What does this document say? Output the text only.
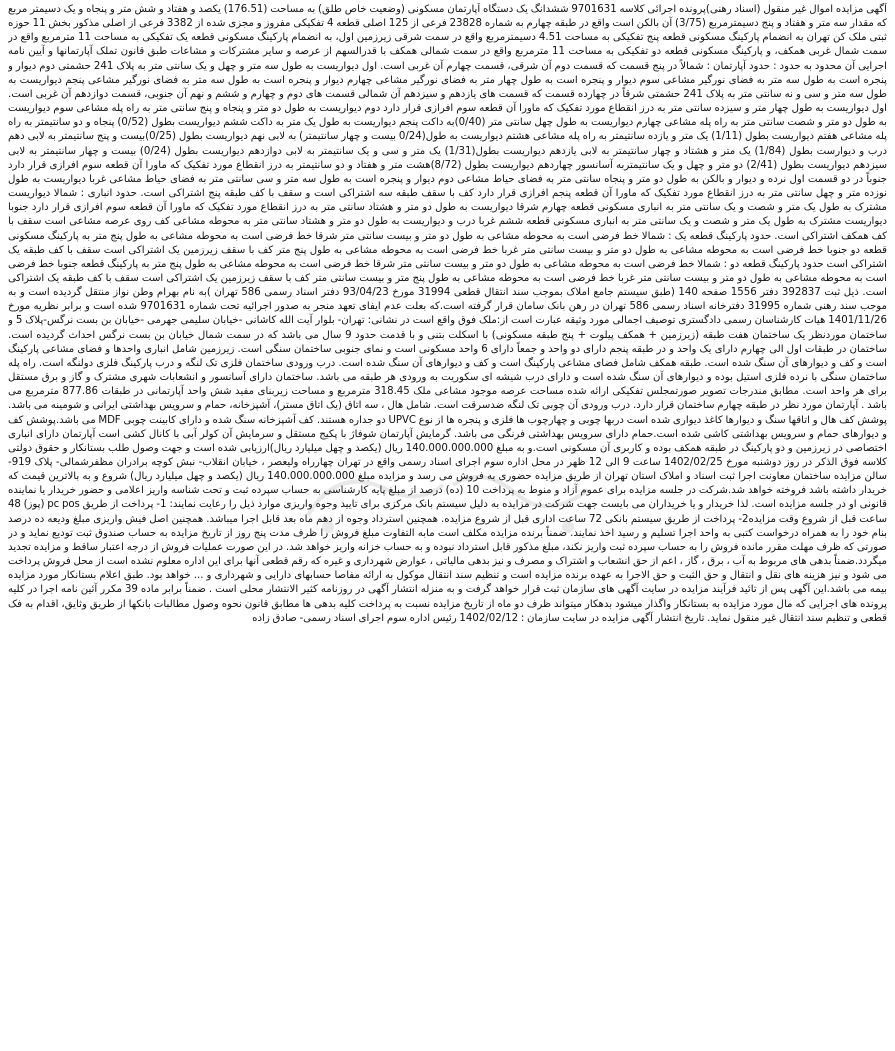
آگهی مزایده اموال غیر منقول (اسناد رهنی)پرونده اجرائی کلاسه 9701631 ششدانگ یک دستگاه آپارتمان مسکونی (وضعیت خاص طلق) به مساحت (176.51) یکصد و هفتاد و شش متر و پنجاه و یک دسیمتر مربع که مقدار سه متر و هفتاد و پنج دسیمترمربع (3/75) آن بالکن است واقع در طبقه چهارم به شماره 23828 فرعی از 125 اصلی قطعه 4 تفکیکی مفروز و مجزی شده از 3382 فرعی از اصلی مذکور بخش 11 حوزه ثبتی ملک کن تهران به انضمام پارکینگ مسکونی قطعه پنج تفکیکی به مساحت 4.51 دسیمترمربع واقع در سمت شرقی زیرزمین اول، به انضمام پارکینگ مسکونی قطعه یک تفکیکی به مساحت 11 مترمربع واقع در سمت شمال غربی همکف، و پارکینگ مسکونی قطعه دو تفکیکی به مساحت 11 مترمربع واقع در سمت شمالی همکف با قدرالسهم از عرصه و سایر مشترکات و مشاعات طبق قانون تملک آپارتمانها و آیین نامه اجرایی آن محدود به حدود : حدود آپارتمان : شمالاً در پنج قسمت که قسمت دوم آن شرقی، قسمت چهارم آن غربی است. اول دیواریست به طول سه متر و چهل و یک سانتی متر به پلاک 241 حشمتی دوم دیوار و پنجره است به طول سه متر به فضای نورگیر مشاعی سوم دیوار و پنجره است به طول چهار متر به فضای نورگیر مشاعی چهارم دیوار و پنجره است به طول سه متر به فضای نورگیر مشاعی پنجم دیواریست به طول سه متر و سی و نه سانتی متر به پلاک 241 حشمتی شرقاً در چهارده قسمت که قسمت های یازدهم و سیزدهم آن شمالی قسمت های دوم و چهارم و ششم و نهم آن جنوبی، قسمت دوازدهم آن غربی است. اول دیواریست به طول چهار متر و سیزده سانتی متر به درز انقطاع مورد تفکیک که ماورا آن قطعه سوم افرازی قرار دارد دوم دیواریست به طول دو متر و پنجاه و پنج سانتی متر به راه پله مشاعی سوم دیواریست به طول دو متر و شصت سانتی متر به راه پله مشاعی چهارم دیواریست به طول چهل سانتی متر (0/40)به داکت پنجم دیواریست به طول یک متر به داکت ششم دیواریست بطول (0/52) پنجاه و دو سانتیمتر به راه پله مشاعی هفتم دیواریست بطول (1/11) یک متر و یازده سانتیمتر به راه پله مشاعی هشتم دیواریست به طول(0/24 بیست و چهار سانتیمتر) به لابی نهم دیواریست بطول (0/25)بیست و پنج سانتیمتر به لابی دهم درب و دیوارست بطول (1/84) یک متر و هشتاد و چهار سانتیمتر به لابی یازدهم دیواریست بطول(1/31) یک متر و سی و یک سانتیمتر به لابی دوازدهم دیواریست بطول (0/24) بیست و چهار سانتیمتر به لابی سیزدهم دیواریست بطول (2/41) دو متر و چهل و یک سانتیمتربه آسانسور چهاردهم دیواریست بطول (8/72)هشت متر و هفتاد و دو سانتیمتر به درز انقطاع مورد تفکیک که ماورا آن قطعه سوم افرازی قرار دارد جنوباً در دو قسمت اول نرده و دیوار و بالکن به طول دو متر و پنجاه سانتی متر به فضای حیاط مشاعی دوم دیوار و پنجره است به طول سه متر و سی سانتی متر به فضای حیاط مشاعی غربا دیواریست به طول نوزده متر و چهل سانتی متر به درز انقطاع مورد تفکیک که ماورا آن قطعه پنجم افرازی قرار دارد کف با سقف طبقه سه اشتراکی است و سقف با کف طبقه پنج اشتراکی است. حدود انباری : شمالا دیواریست مشترک به طول یک متر و شصت و یک سانتی متر به انباری مسکونی قطعه چهارم شرقا دیواریست به طول دو متر و هشتاد سانتی متر به درز انقطاع مورد تفکیک که ماورا آن قطعه سوم افرازی قرار دارد جنوبا دیواریست مشترک به طول یک متر و شصت و یک سانتی متر به انباری مسکونی قطعه ششم غربا درب و دیواریست به طول دو متر و هشتاد سانتی متر به محوطه مشاعی کف روی عرصه مشاعی است سقف با کف همکف اشتراکی است. حدود پارکینگ قطعه یک : شمالا خط فرضی است به محوطه مشاعی به طول دو متر و بیست سانتی متر شرقا خط فرضی است به محوطه مشاعی به طول پنج متر به پارکینگ مسکونی قطعه دو جنوبا خط فرضی است به محوطه مشاعی به طول دو متر و بیست سانتی متر غربا خط فرضی است به محوطه مشاعی به طول پنج متر کف با سقف زیرزمین یک اشتراکی است سقف با کف طبقه یک اشتراکی است حدود پارکینگ قطعه دو : شمالا خط فرضی است به محوطه مشاعی به طول دو متر و بیست سانتی متر شرقا خط فرضی است به محوطه مشاعی به طول پنج متر به پارکینگ قطعه جنوبا خط فرضی است به محوطه مشاعی به طول دو متر و بیست سانتی متر غربا خط فرضی است به محوطه مشاعی به طول پنج متر و بیست سانتی متر کف با سقف زیرزمین یک اشتراکی است سقف با کف طبقه یک اشتراکی است. ذیل ثبت 392837 دفتر 1556 صفحه 140 (طبق سیستم جامع املاک بموجب سند انتقال قطعی 31994 مورخ 93/04/23 دفتر اسناد رسمی 586 تهران )به نام بهرام وطن نواز منتقل گردیده است و به موجب سند رهنی شماره 31995 دفترخانه اسناد رسمی 586 تهران در رهن بانک سامان قرار گرفته است.که بعلت عدم ایفای تعهد منجر به صدور اجرائیه تحت شماره 9701631 شده است و برابر نظریه مورخ 1401/11/26 هیات کارشناسان رسمی دادگستری توصیف اجمالی مورد وثیقه عبارت است از:ملک فوق واقع است در نشانی: تهران- بلوار آیت الله کاشانی -خیابان سلیمی جهرمی -خیابان بن بست نرگس-پلاک 5 و ساختمان موردنظر یک ساختمان هفت طبقه (زیرزمین + همکف پیلوت + پنج طبقه مسکونی) با اسکلت بتنی و با قدمت حدود 9 سال می باشد که در سمت شمال خیابان بن بست نرگس احداث گردیده است. ساختمان در طبقات اول الی چهارم دارای یک واحد و در طبقه پنجم دارای دو واحد و جمعاً دارای 6 واحد مسکونی است و نمای جنوبی ساختمان سنگی است. زیرزمین شامل انباری واحدها و فضای مشاعی پارکینگ است و کف و دیوارهای آن سنگ شده است. طبقه همکف شامل فضای مشاعی پارکینگ است و کف و دیوارهای آن سنگ شده است. درب ورودی ساختمان فلزی تک لنگه و درب پارکینگ فلزی دولنگه است. راه پله ساختمان سنگی با نرده فلزی استیل بوده و دیوارهای آن سنگ شده است و دارای درب شیشه ای سکوریت به ورودی هر طبقه می باشد. ساختمان دارای آسانسور و انشعابات شهری مشترک و گاز و برق مستقل برای هر واحد است. مطابق مندرجات تصویر صورتمجلس تفکیکی ارائه شده مساحت عرصه موجود مشاعی ملک 318.45 مترمربع و مساحت زیربنای مفید شش واحد آپارتمانی در طبقات 877.86 مترمربع می باشد . آپارتمان مورد نظر در طبقه چهارم ساختمان قرار دارد. درب ورودی آن چوبی تک لنگه ضدسرقت است. شامل هال ، سه اتاق (یک اتاق مستر)، آشپزخانه، حمام و سرویس بهداشتی ایرانی و شومینه می باشد. پوشش کف هال و اتاقها سنگ و دیوارها کاغذ دیواری شده است دربها چوبی و چهارچوب ها فلزی و پنجره ها از نوع UPVC دو جداره هستند. کف آشپزخانه سنگ شده و دارای کابینت چوبی MDF می باشد.پوشش کف و دیوارهای حمام و سرویس بهداشتی کاشی شده است.حمام دارای سرویس بهداشتی فرنگی می باشد. گرمایش آپارتمان شوفاژ با پکیج مستقل و سرمایش آن کولر آبی با کانال کشی است آپارتمان دارای انباری اختصاصی در زیرزمین و دو پارکینگ در طبقه همکف بوده و کاربری آن مسکونی است.و به مبلغ 140.000.000.000 ریال (یکصد و چهل میلیارد ریال)ارزیابی شده است و جهت وصول طلب بستانکار و حقوق دولتی کلاسه فوق الذکر در روز دوشنبه مورخ 1402/02/25 ساعت 9 الی 12 ظهر در محل اداره سوم اجرای اسناد رسمی واقع در تهران چهارراه ولیعصر ، خیابان انقلاب- نبش کوچه برادران مظفرشمالی- پلاک 919-سالن مزایده ساختمان معاونت اجرا ثبت اسناد و املاک استان تهران از طریق مزایده حضوری به فروش می رسد و مزایده مبلغ 140.000.000.000 ریال (یکصد و چهل میلیارد ریال) شروع و به بالاترین قیمت که خریدار داشته باشد فروخته خواهد شد.شرکت در جلسه مزایده برای عموم آزاد و منوط به پرداخت 10 (ده) درصد از مبلغ پایه کارشناسی به حساب سپرده ثبت و تحت شناسه واریز اعلامی و حضور خریدار یا نماینده قانونی او در جلسه مزایده است. لذا خریدار و یا خریداران می بایست جهت شرکت در مزایده به دلیل سیستم بانک مرکزی برای تایید وجوه واریزی موارد ذیل را رعایت نمایند: 1- پرداخت از طریق pc pos (پوز) 48 ساعت قبل از شروع وقت مزایده2- پرداخت از طریق سیستم بانکی 72 ساعت اداری قبل از شروع مزایده. همچنین استرداد وجوه از دهم ماه بعد قابل اجرا میباشد. همچنین اصل فیش واریزی مبلغ ودیعه ده درصد بنام خود را به همراه درخواست کتبی به واحد اجرا تسلیم و رسید اخذ نمایند. ضمناً برنده مزایده مکلف است مابه التفاوت مبلغ فروش را ظرف مدت پنج روز از تاریخ مزایده به حساب صندوق ثبت تودیع نماید و در صورتی که ظرف مهلت مقرر مانده فروش را به حساب سپرده ثبت واریز نکند، مبلغ مذکور قابل استرداد نبوده و به حساب خزانه واریز خواهد شد. در این صورت عملیات فروش از درجه اعتبار ساقط و مزایده تجدید میگردد.ضمناً بدهی های مربوط به آب ، برق ، گاز ، اعم از حق انشعاب و اشتراک و مصرف و نیز بدهی مالیاتی ، عوارض شهرداری و غیره که رقم قطعی آنها برای این اداره معلوم نشده است از محل فروش پرداخت می شود و نیز هزینه های نقل و انتقال و حق الثبت و حق الاجرا به عهده برنده مزایده است و تنظیم سند انتقال موکول به ارائه مفاصا حسابهای دارایی و شهرداری و ... خواهد بود. طبق اعلام بستانکار مورد مزایده بیمه می باشد.این آگهی پس از تائید فرآیند مزایده در سایت آگهی های سازمان ثبت قرار خواهد گرفت و به منزله انتشار آگهی در روزنامه کثیر الانتشار محلی است . ضمناً برابر ماده 39 مکرر آئین نامه اجرا در کلیه پرونده های اجرایی که مال مورد مزایده به بستانکار واگذار میشود بدهکار میتواند ظرف دو ماه از تاریخ مزایده نسبت به پرداخت کلیه بدهی ها مطابق قانون نحوه وصول مطالبات بانکها از طریق وثایق، اقدام به فک قطعی و تنظیم سند انتقال غیر منقول نماید. تاریخ انتشار آگهی مزایده در سایت سازمان : 1402/02/12 رئیس اداره سوم اجرای اسناد رسمی- صادق زاده
